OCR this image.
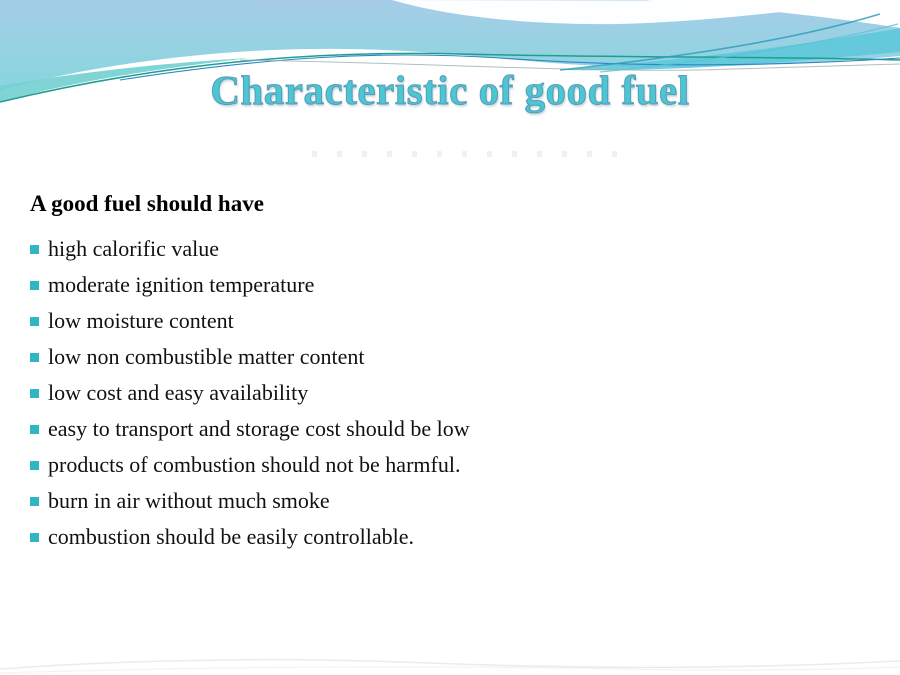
Characteristic of good fuel

A good fuel should have

high calorific value
moderate ignition temperature
low moisture content
low non combustible matter content
low cost and easy availability
easy to transport and storage cost should be low
products of combustion should not be harmful.
burn in air without much smoke
combustion should be easily controllable.
